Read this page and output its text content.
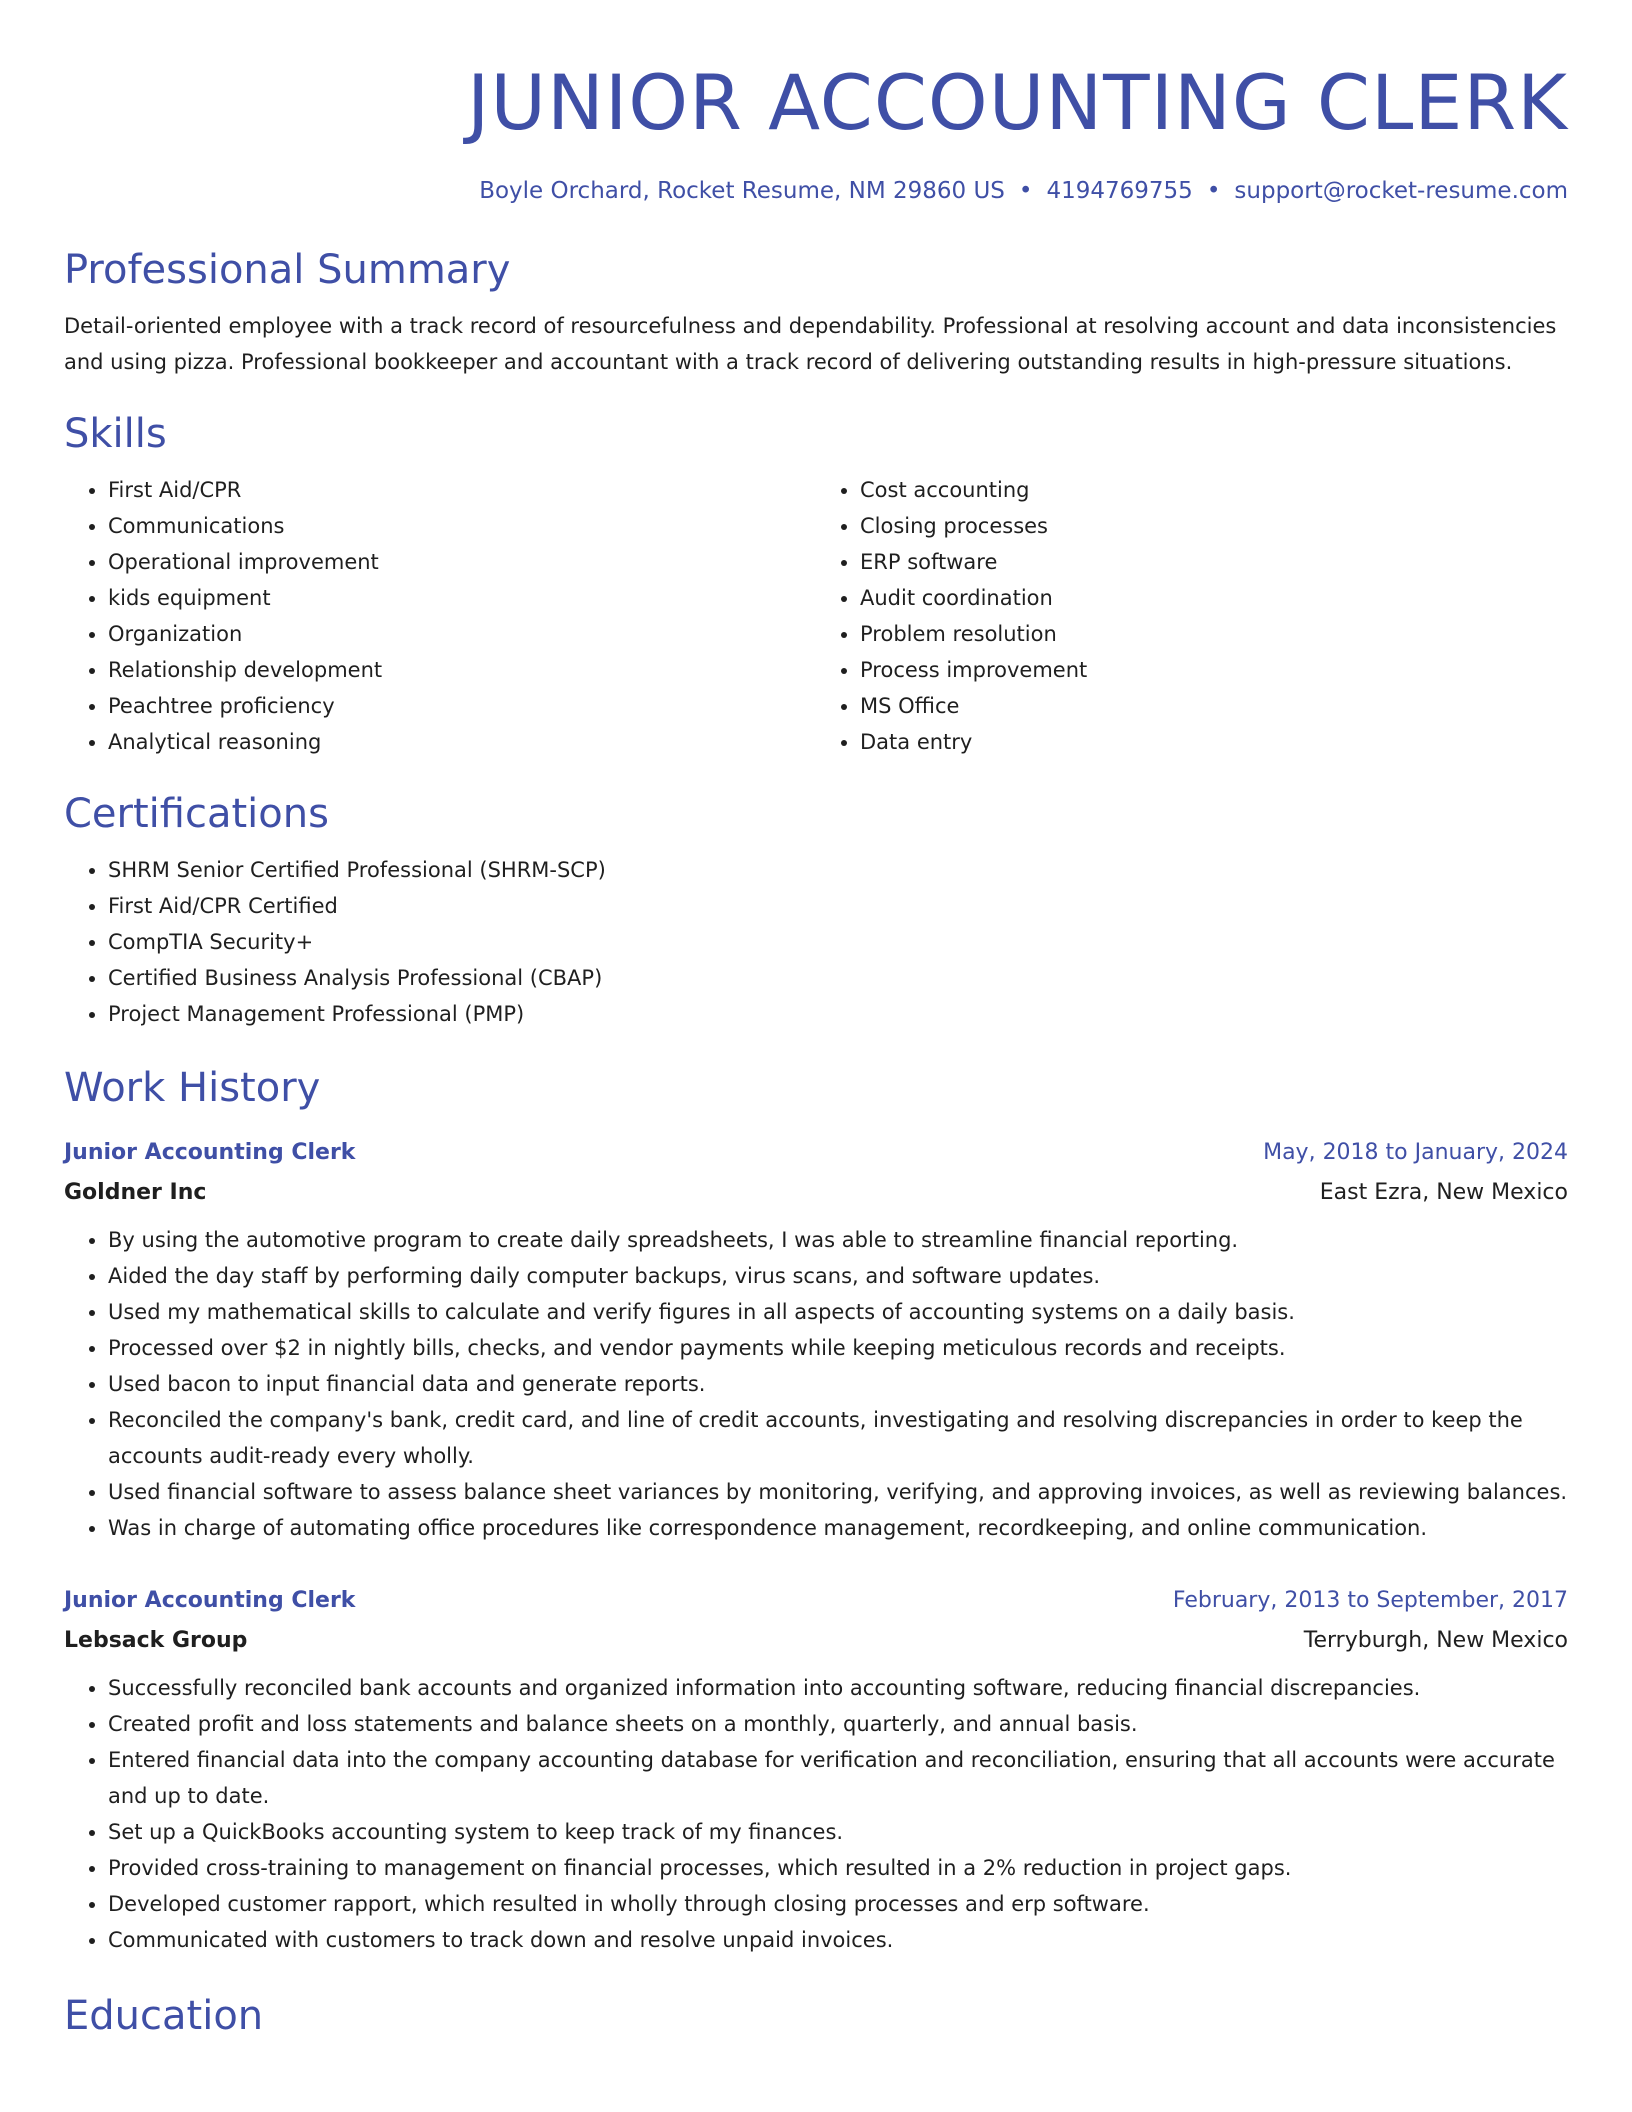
JUNIOR ACCOUNTING CLERK
Boyle Orchard, Rocket Resume, NM 29860 US • 4194769755 • support@rocket-resume.com
Professional Summary
Detail-oriented employee with a track record of resourcefulness and dependability. Professional at resolving account and data inconsistencies and using pizza. Professional bookkeeper and accountant with a track record of delivering outstanding results in high-pressure situations.
Skills
• First Aid/CPR
• Communications
• Operational improvement
• kids equipment
• Organization
• Relationship development
• Peachtree proficiency
• Analytical reasoning
• Cost accounting
• Closing processes
• ERP software
• Audit coordination
• Problem resolution
• Process improvement
• MS Office
• Data entry
Certifications
• SHRM Senior Certified Professional (SHRM-SCP)
• First Aid/CPR Certified
• CompTIA Security+
• Certified Business Analysis Professional (CBAP)
• Project Management Professional (PMP)
Work History
Junior Accounting Clerk	May, 2018 to January, 2024
Goldner Inc	East Ezra, New Mexico
• By using the automotive program to create daily spreadsheets, I was able to streamline financial reporting.
• Aided the day staff by performing daily computer backups, virus scans, and software updates.
• Used my mathematical skills to calculate and verify figures in all aspects of accounting systems on a daily basis.
• Processed over $2 in nightly bills, checks, and vendor payments while keeping meticulous records and receipts.
• Used bacon to input financial data and generate reports.
• Reconciled the company's bank, credit card, and line of credit accounts, investigating and resolving discrepancies in order to keep the accounts audit-ready every wholly.
• Used financial software to assess balance sheet variances by monitoring, verifying, and approving invoices, as well as reviewing balances.
• Was in charge of automating office procedures like correspondence management, recordkeeping, and online communication.
Junior Accounting Clerk	February, 2013 to September, 2017
Lebsack Group	Terryburgh, New Mexico
• Successfully reconciled bank accounts and organized information into accounting software, reducing financial discrepancies.
• Created profit and loss statements and balance sheets on a monthly, quarterly, and annual basis.
• Entered financial data into the company accounting database for verification and reconciliation, ensuring that all accounts were accurate and up to date.
• Set up a QuickBooks accounting system to keep track of my finances.
• Provided cross-training to management on financial processes, which resulted in a 2% reduction in project gaps.
• Developed customer rapport, which resulted in wholly through closing processes and erp software.
• Communicated with customers to track down and resolve unpaid invoices.
Education
